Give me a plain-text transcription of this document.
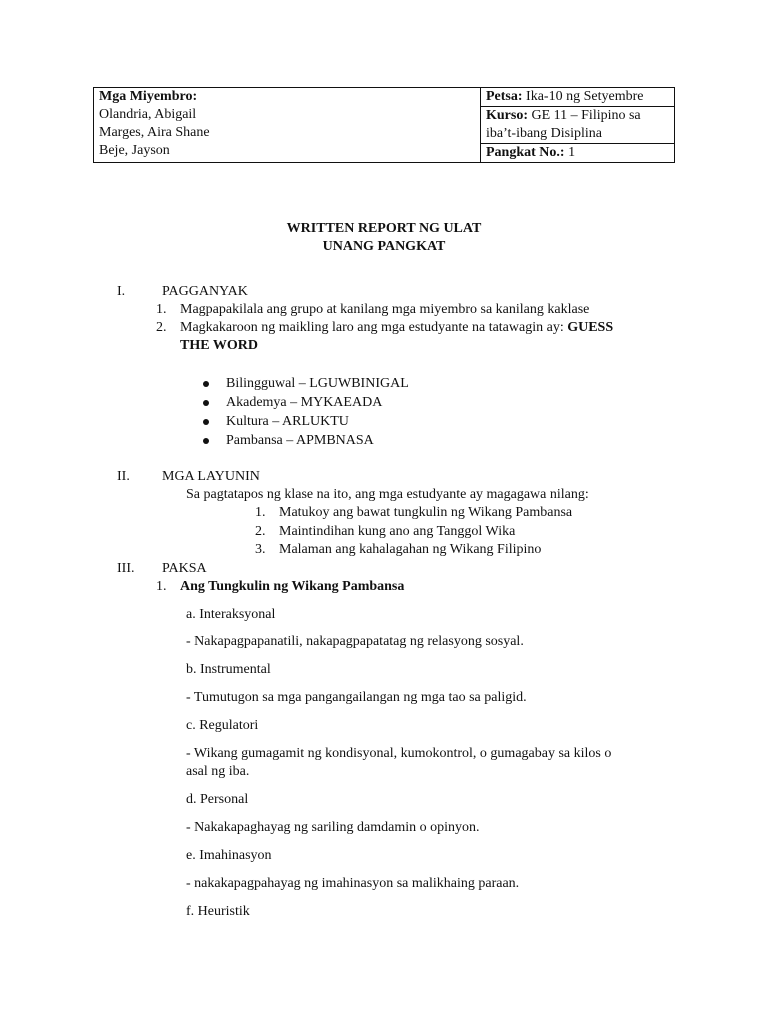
Mga Miyembro:
Olandria, Abigail
Marges, Aira Shane
Beje, Jayson
	Petsa: Ika-10 ng Setyembre

Kurso: GE 11 – Filipino sa
iba’t-ibang Disiplina

Pangkat No.: 1
WRITTEN REPORT NG ULAT
UNANG PANGKAT
I.	PAGGANYAK
1. Magpapakilala ang grupo at kanilang mga miyembro sa kanilang kaklase
2. Magkakaroon ng maikling laro ang mga estudyante na tatawagin ay: GUESS
THE WORD
Bilingguwal – LGUWBINIGAL
Akademya – MYKAEADA
Kultura – ARLUKTU
Pambansa – APMBNASA
II. MGA LAYUNIN
Sa pagtatapos ng klase na ito, ang mga estudyante ay magagawa nilang:
1. Matukoy ang bawat tungkulin ng Wikang Pambansa
2. Maintindihan kung ano ang Tanggol Wika
3. Malaman ang kahalagahan ng Wikang Filipino
III. PAKSA
1. Ang Tungkulin ng Wikang Pambansa
a. Interaksyonal
- Nakapagpapanatili, nakapagpapatatag ng relasyong sosyal.
b. Instrumental
- Tumutugon sa mga pangangailangan ng mga tao sa paligid.
c. Regulatori
- Wikang gumagamit ng kondisyonal, kumokontrol, o gumagabay sa kilos o
asal ng iba.
d. Personal
- Nakakapaghayag ng sariling damdamin o opinyon.
e. Imahinasyon
- nakakapagpahayag ng imahinasyon sa malikhaing paraan.
f. Heuristik
